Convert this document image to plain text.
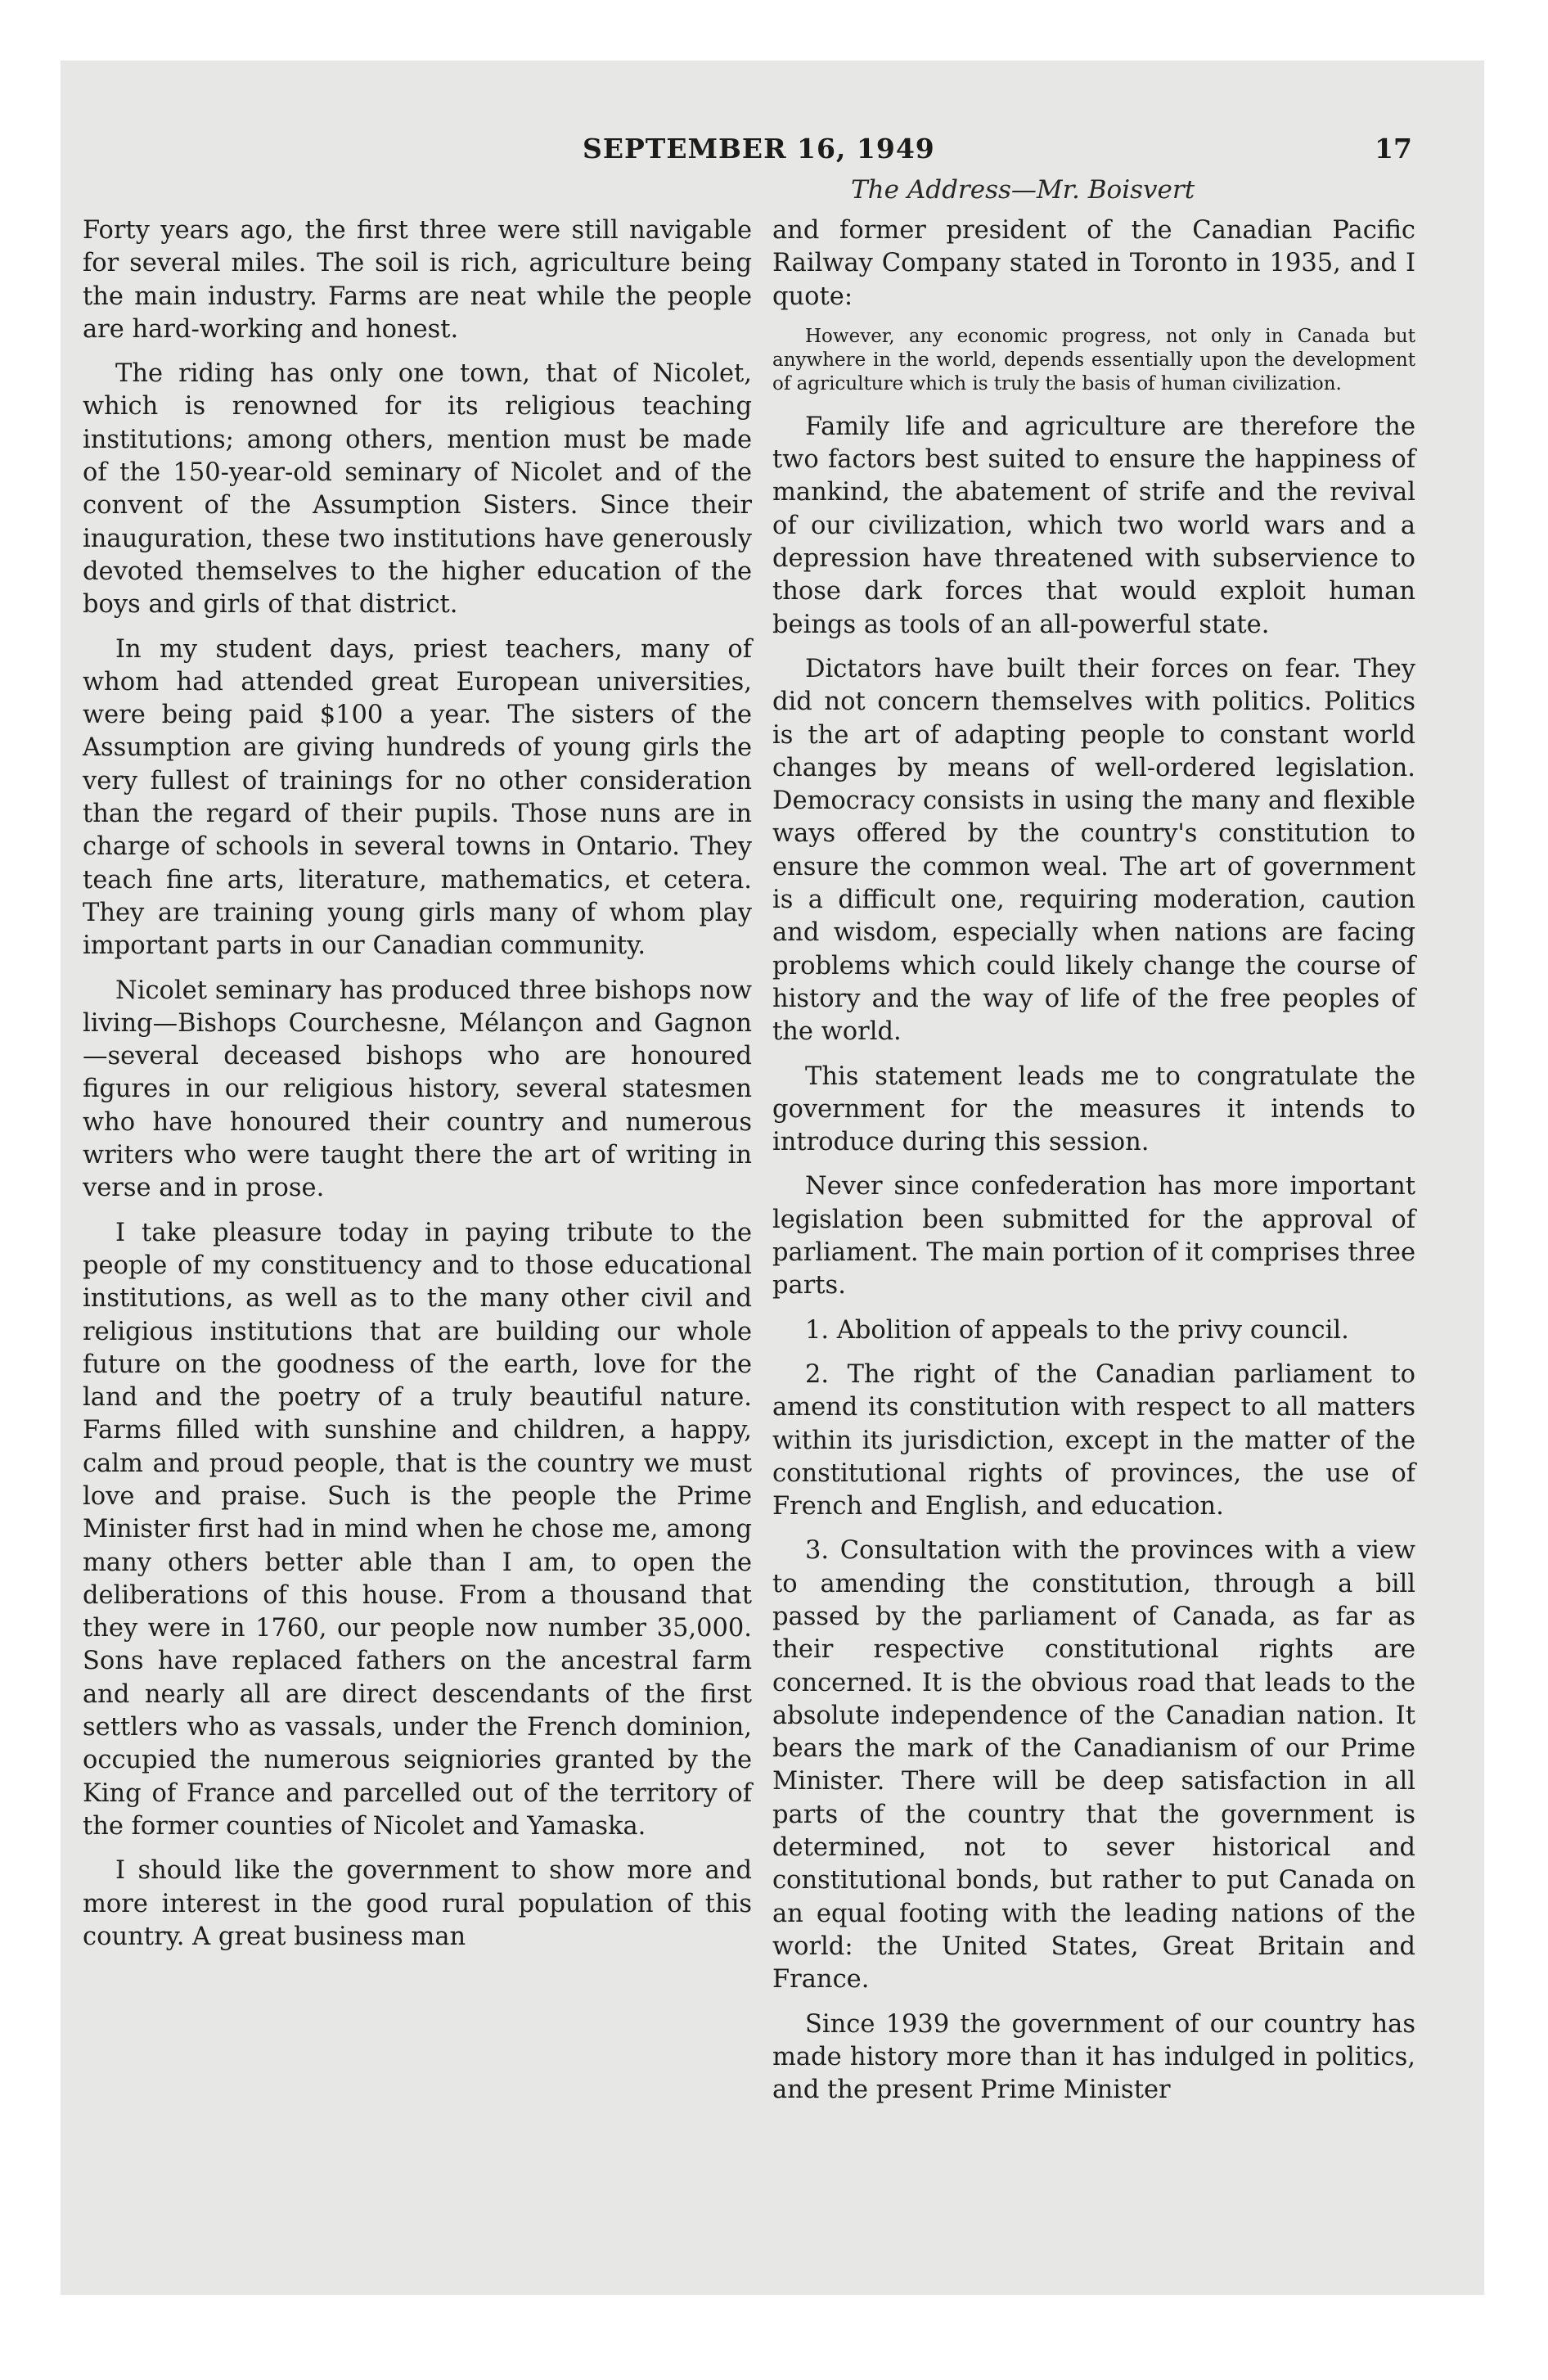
SEPTEMBER 16, 1949	17
The Address—Mr. Boisvert

Forty years ago, the first three were still navigable for several miles. The soil is rich, agriculture being the main industry. Farms are neat while the people are hard-working and honest.

The riding has only one town, that of Nicolet, which is renowned for its religious teaching institutions; among others, mention must be made of the 150-year-old seminary of Nicolet and of the convent of the Assumption Sisters. Since their inauguration, these two institutions have generously devoted themselves to the higher education of the boys and girls of that district.

In my student days, priest teachers, many of whom had attended great European universities, were being paid $100 a year. The sisters of the Assumption are giving hundreds of young girls the very fullest of trainings for no other consideration than the regard of their pupils. Those nuns are in charge of schools in several towns in Ontario. They teach fine arts, literature, mathematics, et cetera. They are training young girls many of whom play important parts in our Canadian community.

Nicolet seminary has produced three bishops now living—Bishops Courchesne, Mélançon and Gagnon—several deceased bishops who are honoured figures in our religious history, several statesmen who have honoured their country and numerous writers who were taught there the art of writing in verse and in prose.

I take pleasure today in paying tribute to the people of my constituency and to those educational institutions, as well as to the many other civil and religious institutions that are building our whole future on the goodness of the earth, love for the land and the poetry of a truly beautiful nature. Farms filled with sunshine and children, a happy, calm and proud people, that is the country we must love and praise. Such is the people the Prime Minister first had in mind when he chose me, among many others better able than I am, to open the deliberations of this house. From a thousand that they were in 1760, our people now number 35,000. Sons have replaced fathers on the ancestral farm and nearly all are direct descendants of the first settlers who as vassals, under the French dominion, occupied the numerous seigniories granted by the King of France and parcelled out of the territory of the former counties of Nicolet and Yamaska.

I should like the government to show more and more interest in the good rural population of this country. A great business man

and former president of the Canadian Pacific Railway Company stated in Toronto in 1935, and I quote:

However, any economic progress, not only in Canada but anywhere in the world, depends essentially upon the development of agriculture which is truly the basis of human civilization.

Family life and agriculture are therefore the two factors best suited to ensure the happiness of mankind, the abatement of strife and the revival of our civilization, which two world wars and a depression have threatened with subservience to those dark forces that would exploit human beings as tools of an all-powerful state.

Dictators have built their forces on fear. They did not concern themselves with politics. Politics is the art of adapting people to constant world changes by means of well-ordered legislation. Democracy consists in using the many and flexible ways offered by the country's constitution to ensure the common weal. The art of government is a difficult one, requiring moderation, caution and wisdom, especially when nations are facing problems which could likely change the course of history and the way of life of the free peoples of the world.

This statement leads me to congratulate the government for the measures it intends to introduce during this session.

Never since confederation has more important legislation been submitted for the approval of parliament. The main portion of it comprises three parts.

1. Abolition of appeals to the privy council.

2. The right of the Canadian parliament to amend its constitution with respect to all matters within its jurisdiction, except in the matter of the constitutional rights of provinces, the use of French and English, and education.

3. Consultation with the provinces with a view to amending the constitution, through a bill passed by the parliament of Canada, as far as their respective constitutional rights are concerned. It is the obvious road that leads to the absolute independence of the Canadian nation. It bears the mark of the Canadianism of our Prime Minister. There will be deep satisfaction in all parts of the country that the government is determined, not to sever historical and constitutional bonds, but rather to put Canada on an equal footing with the leading nations of the world: the United States, Great Britain and France.

Since 1939 the government of our country has made history more than it has indulged in politics, and the present Prime Minister
